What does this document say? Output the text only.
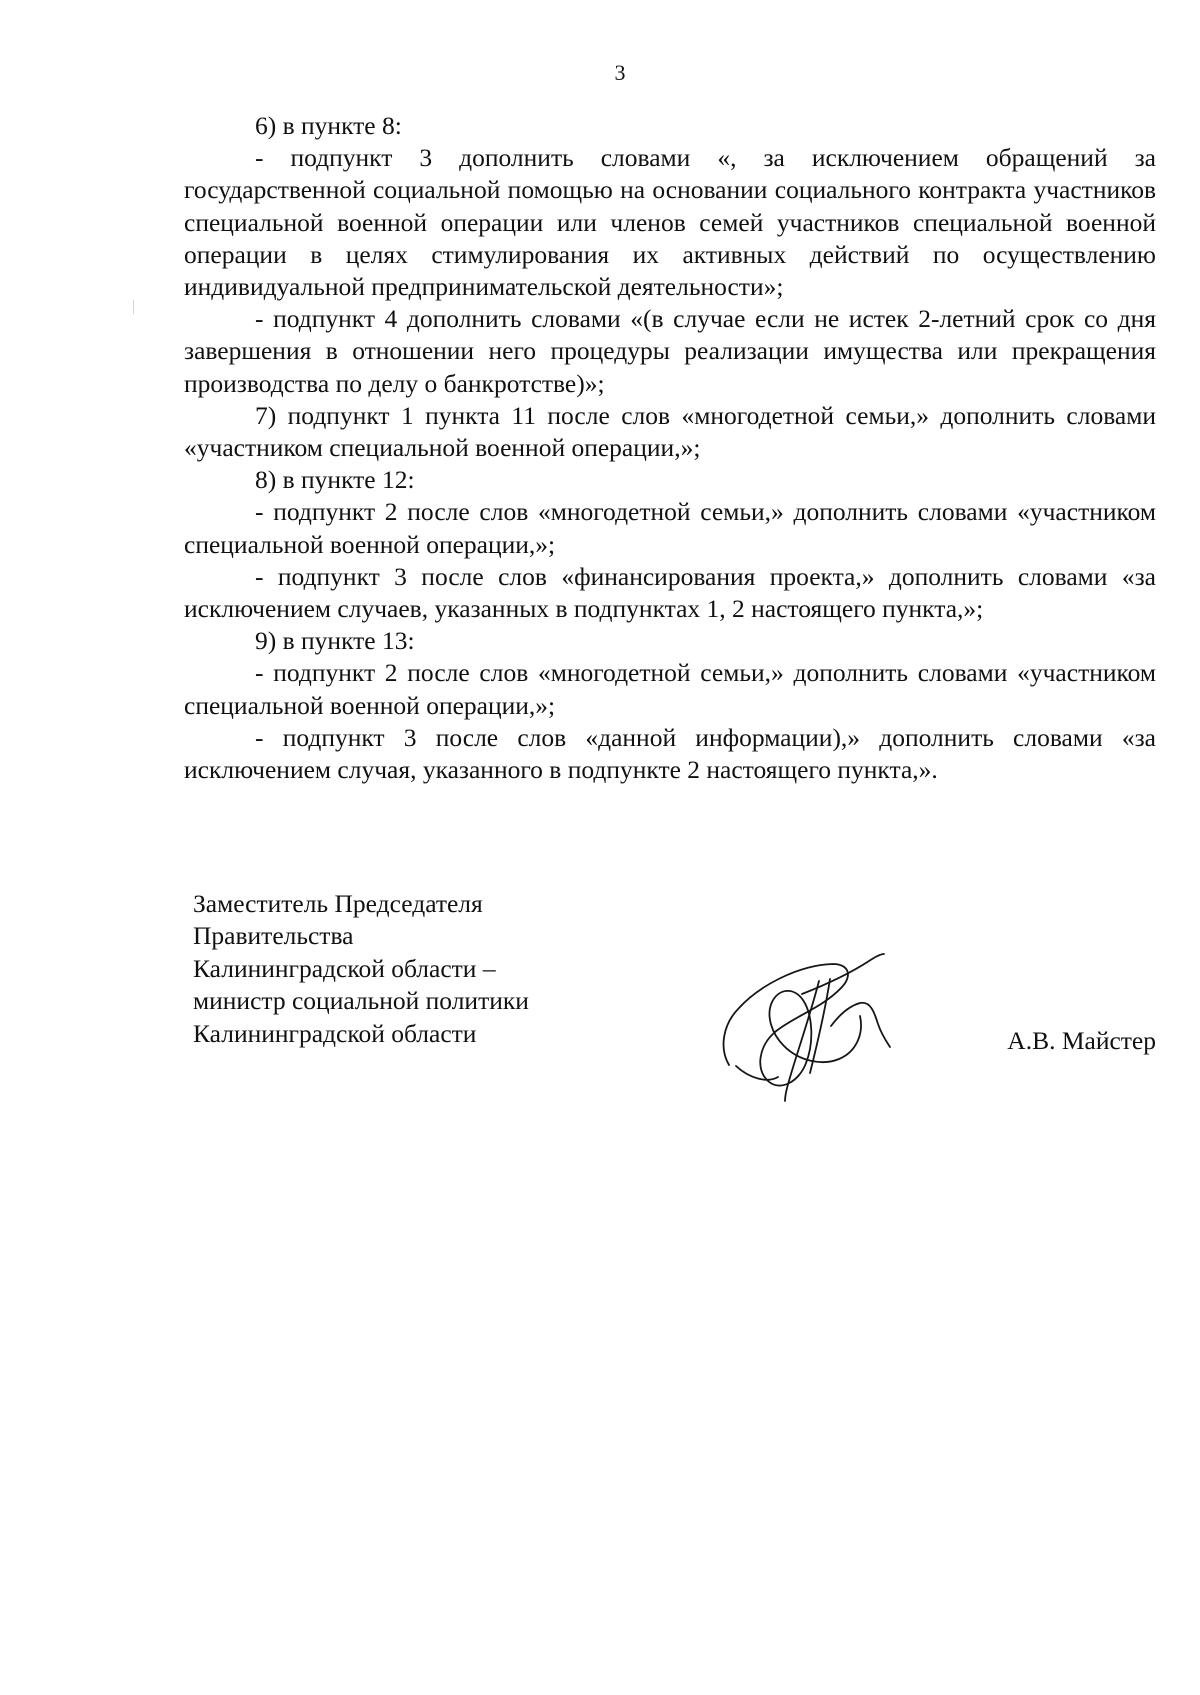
3

6) в пункте 8:

- подпункт 3 дополнить словами «, за исключением обращений за государственной социальной помощью на основании социального контракта участников специальной военной операции или членов семей участников специальной военной операции в целях стимулирования их активных действий по осуществлению индивидуальной предпринимательской деятельности»;

- подпункт 4 дополнить словами «(в случае если не истек 2-летний срок со дня завершения в отношении него процедуры реализации имущества или прекращения производства по делу о банкротстве)»;

7) подпункт 1 пункта 11 после слов «многодетной семьи,» дополнить словами «участником специальной военной операции,»;

8) в пункте 12:

- подпункт 2 после слов «многодетной семьи,» дополнить словами «участником специальной военной операции,»;

- подпункт 3 после слов «финансирования проекта,» дополнить словами «за исключением случаев, указанных в подпунктах 1, 2 настоящего пункта,»;

9) в пункте 13:

- подпункт 2 после слов «многодетной семьи,» дополнить словами «участником специальной военной операции,»;

- подпункт 3 после слов «данной информации),» дополнить словами «за исключением случая, указанного в подпункте 2 настоящего пункта,».

Заместитель Председателя
Правительства
Калининградской области –
министр социальной политики
Калининградской области	А.В. Майстер
